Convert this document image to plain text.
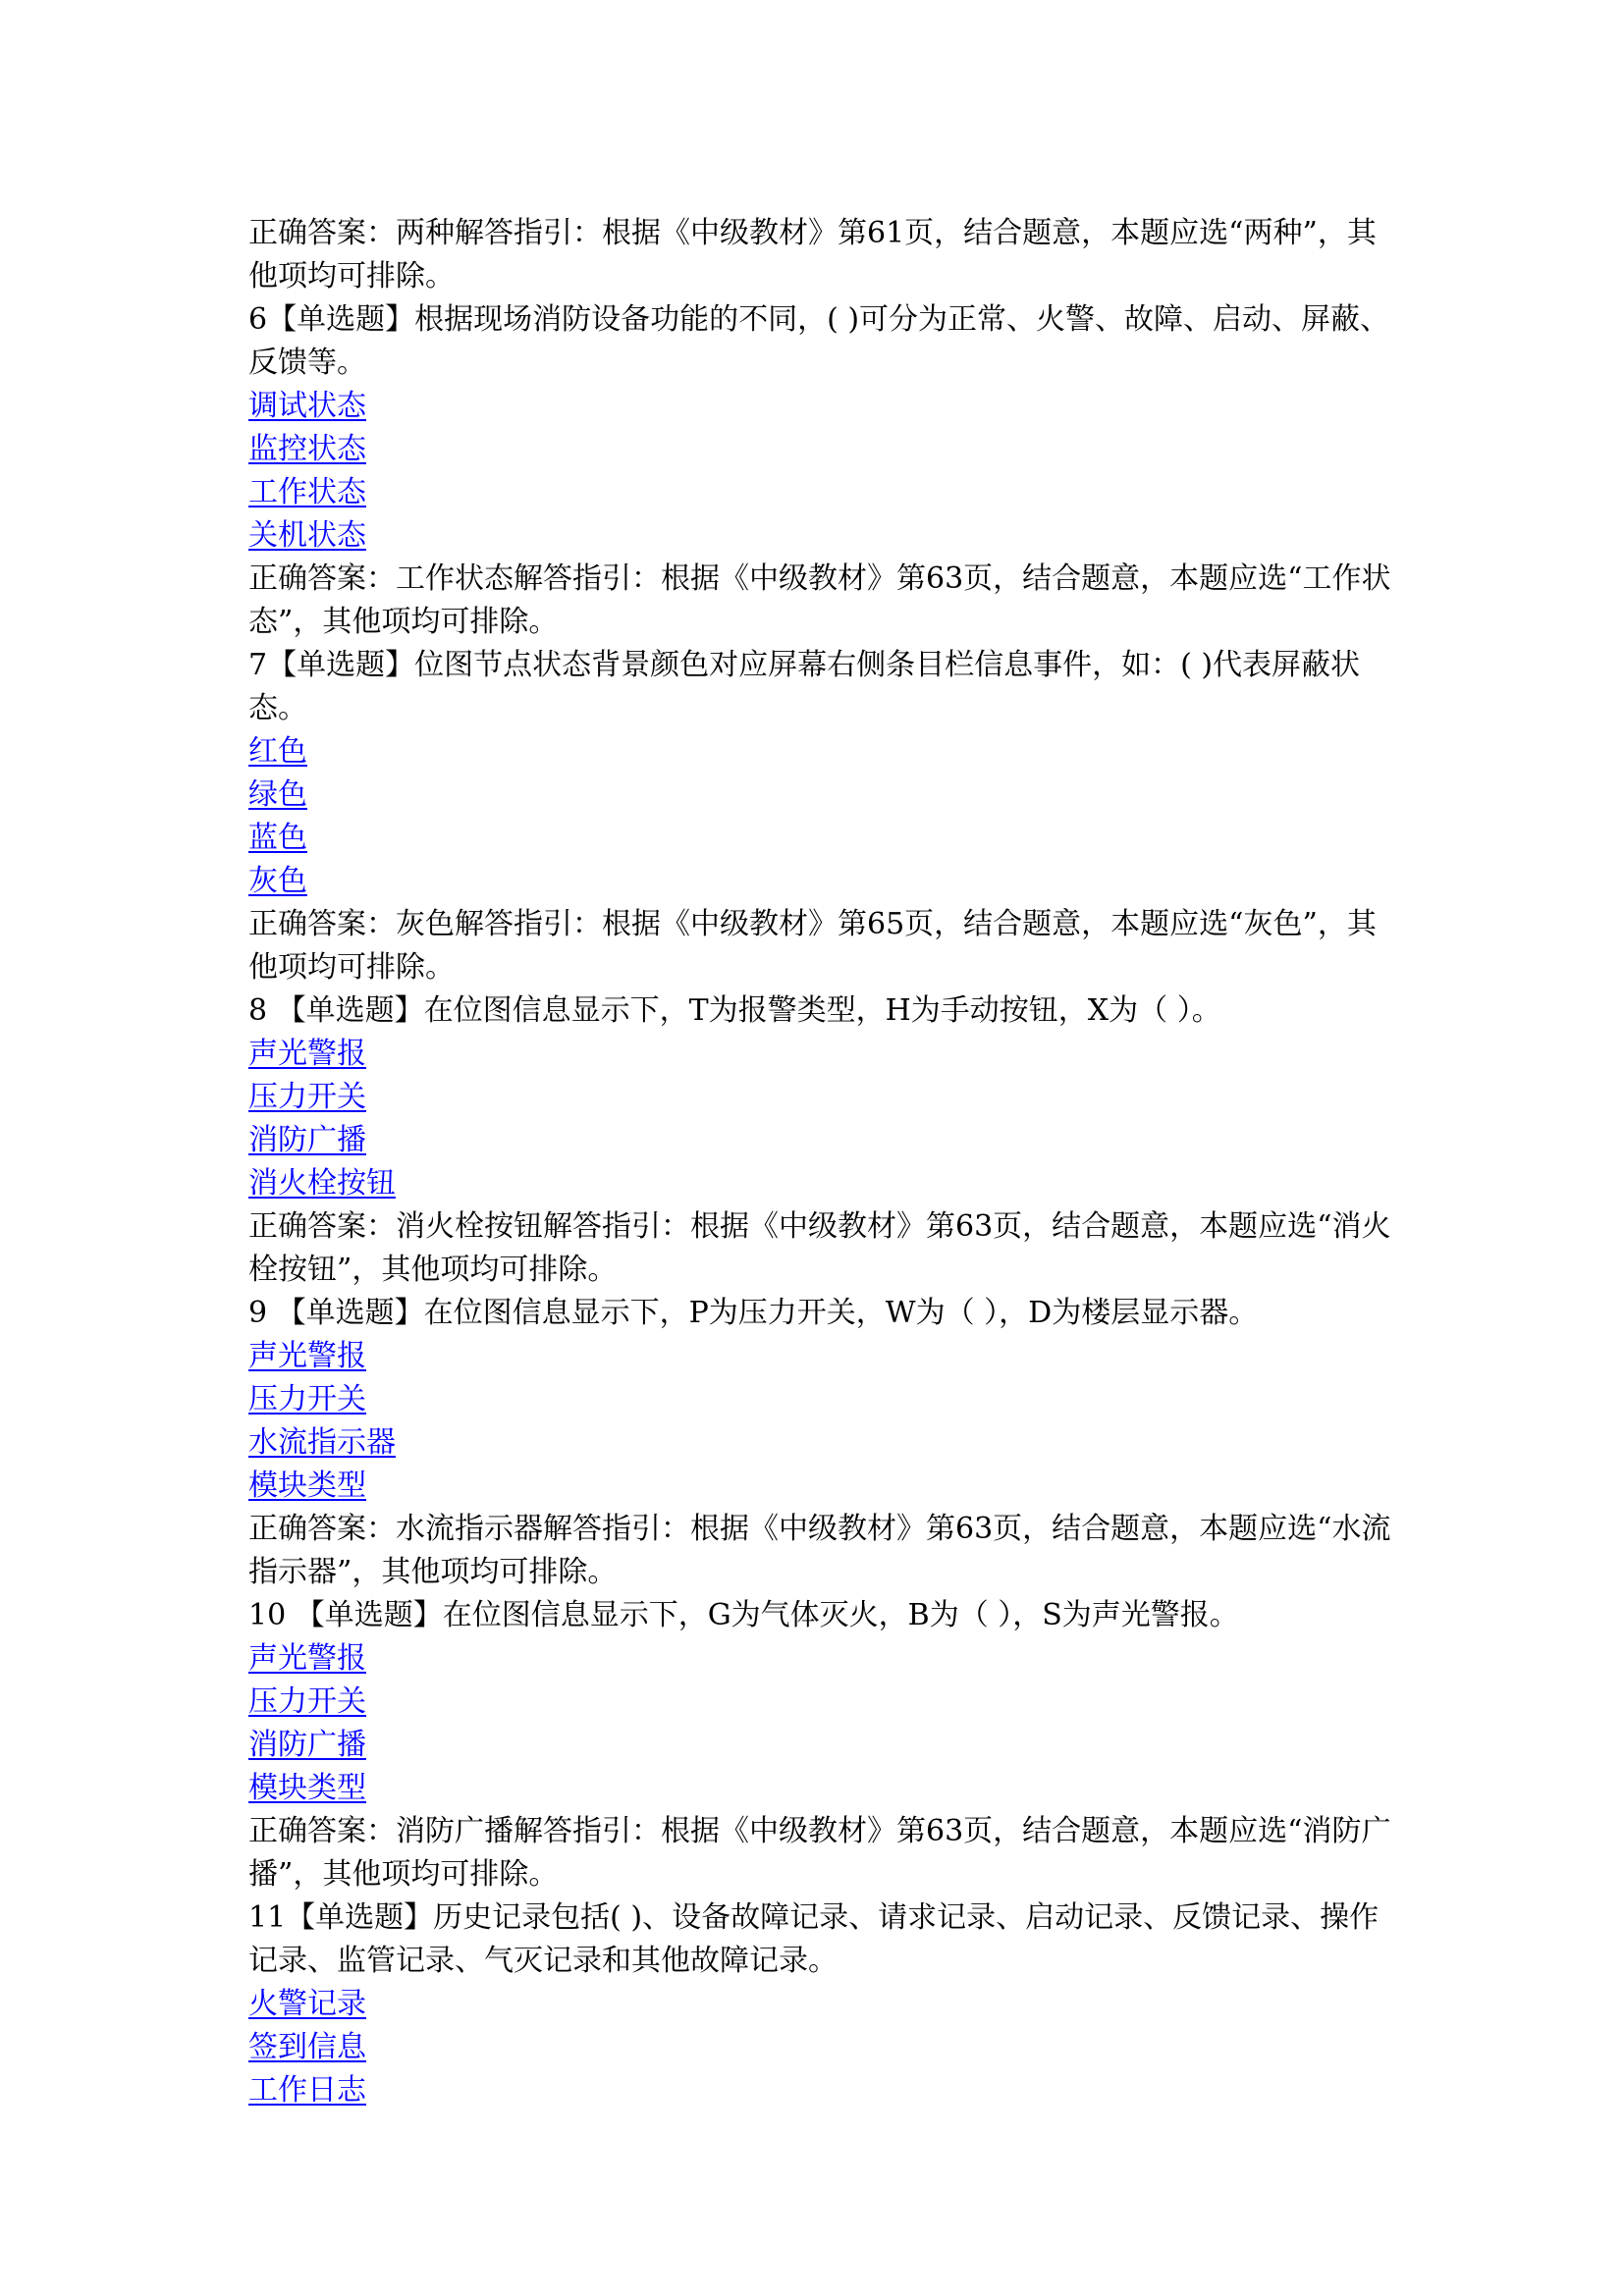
正确答案：两种解答指引：根据《中级教材》第61页，结合题意，本题应选“两种”，其他项均可排除。
6【单选题】根据现场消防设备功能的不同，( )可分为正常、火警、故障、启动、屏蔽、反馈等。
调试状态
监控状态
工作状态
关机状态
正确答案：工作状态解答指引：根据《中级教材》第63页，结合题意，本题应选“工作状态”，其他项均可排除。
7【单选题】位图节点状态背景颜色对应屏幕右侧条目栏信息事件，如：( )代表屏蔽状态。
红色
绿色
蓝色
灰色
正确答案：灰色解答指引：根据《中级教材》第65页，结合题意，本题应选“灰色”，其他项均可排除。
8 【单选题】在位图信息显示下，T为报警类型，H为手动按钮，X为（ ）。
声光警报
压力开关
消防广播
消火栓按钮
正确答案：消火栓按钮解答指引：根据《中级教材》第63页，结合题意，本题应选“消火栓按钮”，其他项均可排除。
9 【单选题】在位图信息显示下，P为压力开关，W为（ ），D为楼层显示器。
声光警报
压力开关
水流指示器
模块类型
正确答案：水流指示器解答指引：根据《中级教材》第63页，结合题意，本题应选“水流指示器”，其他项均可排除。
10 【单选题】在位图信息显示下，G为气体灭火，B为（ ），S为声光警报。
声光警报
压力开关
消防广播
模块类型
正确答案：消防广播解答指引：根据《中级教材》第63页，结合题意，本题应选“消防广播”，其他项均可排除。
11【单选题】历史记录包括( )、设备故障记录、请求记录、启动记录、反馈记录、操作记录、监管记录、气灭记录和其他故障记录。
火警记录
签到信息
工作日志
